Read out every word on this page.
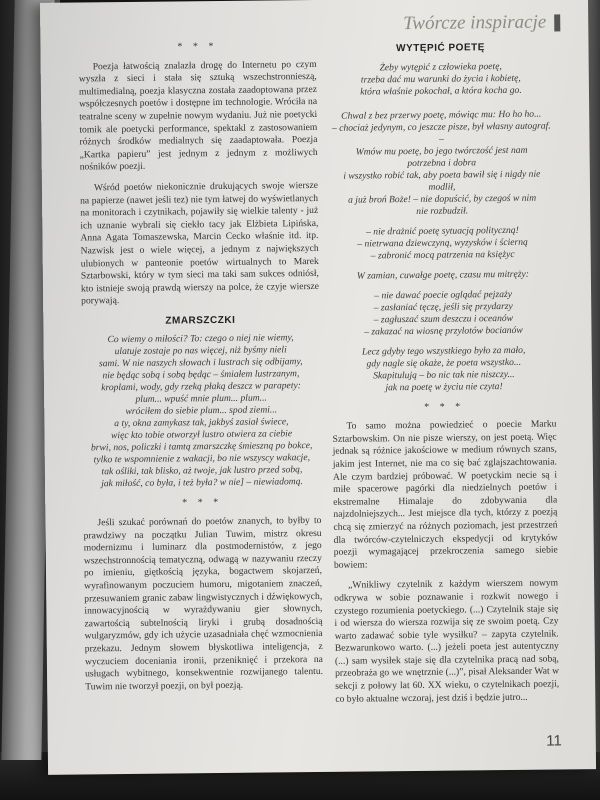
Twórcze inspiracje
* * *

Poezja łatwością znalazła drogę do Internetu po czym wyszła z sieci i stała się sztuką wszechstronnieszą, multimedialną, poezja klasyczna została zaadoptowana przez współczesnych poetów i dostępne im technologie. Wróciła na teatralne sceny w zupełnie nowym wydaniu. Już nie poetycki tomik ale poetycki performance, spektakl z zastosowaniem różnych środków medialnych się zaadaptowała. Poezja „Kartka papieru” jest jednym z jednym z możliwych nośników poezji.

Wśród poetów niekonicznie drukujących swoje wiersze na papierze (nawet jeśli tez) nie tym łatwej do wyświetlanych na monitorach i czytnikach, pojawiły się wielkie talenty - już ich uznanie wybrali się ciekło tacy jak Elżbieta Lipińska, Anna Agata Tomaszewska, Marcin Cecko właśnie itd. itp. Nazwisk jest o wiele więcej, a jednym z największych ulubionych w panteonie poetów wirtualnych to Marek Sztarbowski, który w tym sieci ma taki sam sukces odniósł, kto istnieje swoją prawdą wierszy na polce, że czyje wiersze porywają.

ZMARSZCZKI
Co wiemy o miłości? To: czego o niej nie wiemy,
ulatuje zostaje po nas więcej, niż byśmy nieli
sami. W nie naszych słowach i lustrach się odbijamy,
nie będąc sobą i sobą będąc – śmiałem lustrzanym,
kroplami, wody, gdy rzeką płaką deszcz w parapety:
plum... wpuść mnie plum... plum...
wróciłem do siebie plum... spod ziemi...
a ty, okna zamykasz tak, jakbyś zasiał świece,
więc kto tobie otworzył lustro otwiera za ciebie
brwi, nos, policzki i tamtą zmarszczkę śmieszną po bokce,
tylko te wspomnienie z wakacji, bo nie wszyscy wakacje,
tak ośliki, tak blisko, aż twoje, jak lustro przed sobą,
jak miłość, co była, i też była? w nie] – niewiadomą.
* * *

Jeśli szukać porównań do poetów znanych, to byłby to prawdziwy na początku Julian Tuwim, mistrz okresu modernizmu i luminarz dla postmodernistów, z jego wszechstronnością tematyczną, odwagą w nazywaniu rzeczy po imieniu, giętkością języka, bogactwem skojarzeń, wyrafinowanym poczuciem humoru, migotaniem znaczeń, przesuwaniem granic zabaw lingwistycznych i dźwiękowych, innowacyjnością w wyrażdywaniu gier słownych, zawartością subtelnością liryki i grubą dosadnością wulgaryzmów, gdy ich użycie uzasadniała chęć wzmocnienia przekazu. Jednym słowem błyskotliwa inteligencja, z wyczuciem doceniania ironii, przeniknięć i przekora na usługach wybitnego, konsekwentnie rozwijanego talentu. Tuwim nie tworzył poezji, on był poezją.

WYTĘPIĆ POETĘ
Żeby wytępić z człowieka poetę,
trzeba dać mu warunki do życia i kobietę,
która właśnie pokochał, a która kocha go.

Chwal z bez przerwy poetę, mówiąc mu: Ho ho ho...
– chociaż jedynym, co jeszcze pisze, był własny autograf. –
Wmów mu poetę, bo jego twórczość jest nam
potrzebna i dobra
i wszystko robić tak, aby poeta bawił się i nigdy nie modlił,
a już broń Boże! – nie dopuścić, by czegoś w nim
nie rozbudził.
– nie drażnić poetę sytuacją polityczną!
– nietrwana dziewczyną, wyzysków i ścierną
– zabronić mocą patrzenia na księżyc
W zamian, cuwałge poetę, czasu mu mitręży:
– nie dawać poecie oglądać pejzaży
– zasłaniać tęczę, jeśli się przydarzy
– zagłuszać szum deszczu i oceanów
– zakazać na wiosnę przylotów bocianów
Lecz gdyby tego wszystkiego było za mało,
gdy nagle się okaże, że poeta wszystko...
Skapitulują – bo nic tak nie niszczy...
jak na poetę w życiu nie czyta!
* * *

To samo można powiedzieć o poecie Marku Sztarbowskim. On nie pisze wierszy, on jest poetą. Więc jednak są różnice jakościowe w medium równych szans, jakim jest Internet, nie ma co się bać zglajszachtowania. Ale czym bardziej próbować. W poetyckim necie są i miłe spacerowe pagórki dla niedzielnych poetów i ekstremalne Himalaje do zdobywania dla najzdolniejszych... Jest miejsce dla tych, którzy z poezją chcą się zmierzyć na różnych poziomach, jest przestrzeń dla twórców-czytelniczych ekspedycji od krytyków poezji wymagającej przekroczenia samego siebie bowiem:

„Wnikliwy czytelnik z każdym wierszem nowym odkrywa w sobie poznawanie i rozkwit nowego i czystego rozumienia poetyckiego. (...) Czytelnik staje się i od wiersza do wiersza rozwija się ze swoim poetą. Czy warto zadawać sobie tyle wysiłku? – zapyta czytelnik. Bezwarunkowo warto. (...) jeżeli poeta jest autentyczny (...) sam wysiłek staje się dla czytelnika pracą nad sobą, przeobraża go we wnętrznie (...)”, pisał Aleksander Wat w sekcji z połowy lat 60. XX wieku, o czytelnikach poezji, co było aktualne wczoraj, jest dziś i będzie jutro...

11
